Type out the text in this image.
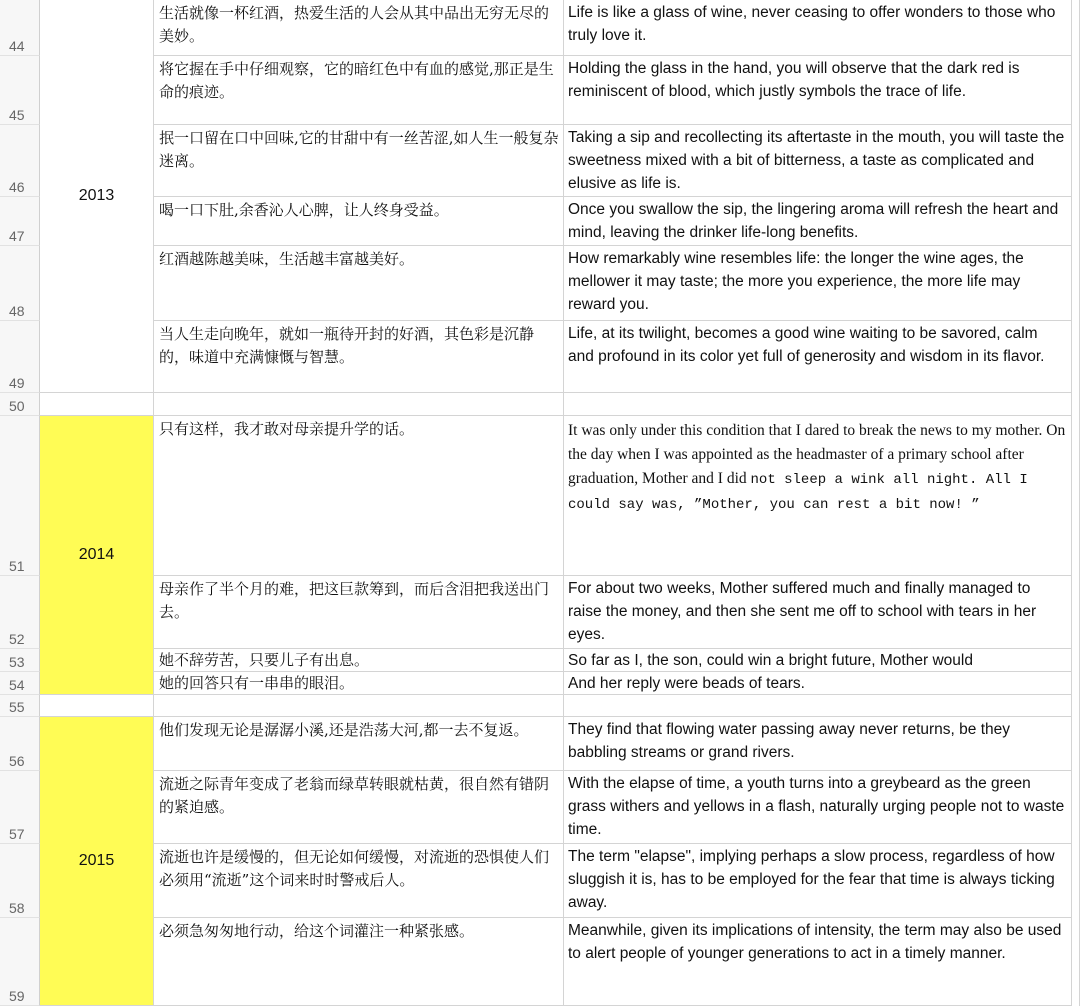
44
45
46
47
48
49
50
51
52
53
54
55
56
57
58
59
2013
2014
2015
生活就像一杯红酒，热爱生活的人会从其中品出无穷无尽的美妙。
将它握在手中仔细观察，它的暗红色中有血的感觉,那正是生命的痕迹。
抿一口留在口中回味,它的甘甜中有一丝苦涩,如人生一般复杂迷离。
喝一口下肚,余香沁人心脾，让人终身受益。
红酒越陈越美味，生活越丰富越美好。
当人生走向晚年，就如一瓶待开封的好酒，其色彩是沉静的，味道中充满慷慨与智慧。
只有这样，我才敢对母亲提升学的话。
母亲作了半个月的难，把这巨款筹到，而后含泪把我送出门去。
她不辞劳苦，只要儿子有出息。
她的回答只有一串串的眼泪。
他们发现无论是潺潺小溪,还是浩荡大河,都一去不复返。
流逝之际青年变成了老翁而绿草转眼就枯黄，很自然有错阴的紧迫感。
流逝也许是缓慢的，但无论如何缓慢，对流逝的恐惧使人们必须用“流逝”这个词来时时警戒后人。
必须急匆匆地行动，给这个词灌注一种紧张感。
Life is like a glass of wine, never ceasing to offer wonders to those who truly love it.
Holding the glass in the hand, you will observe that the dark red is reminiscent of blood, which justly symbols the trace of life.
Taking a sip and recollecting its aftertaste in the mouth, you will taste the sweetness mixed with a bit of bitterness, a taste as complicated and elusive as life is.
Once you swallow the sip, the lingering aroma will refresh the heart and mind, leaving the drinker life-long benefits.
How remarkably wine resembles life: the longer the wine ages, the mellower it may taste; the more you experience, the more life may reward you.
Life, at its twilight, becomes a good wine waiting to be savored, calm and profound in its color yet full of generosity and wisdom in its flavor.
It was only under this condition that I dared to break the news to my mother. On the day when I was appointed as the headmaster of a primary school after graduation, Mother and I did not sleep a wink all night. All I could say was, ”Mother, you can rest a bit now! ”
For about two weeks, Mother suffered much and finally managed to raise the money, and then she sent me off to school with tears in her eyes.
So far as I, the son, could win a bright future, Mother would
And her reply were beads of tears.
They find that flowing water passing away never returns, be they babbling streams or grand rivers.
With the elapse of time, a youth turns into a greybeard as the green grass withers and yellows in a flash, naturally urging people not to waste time.
The term "elapse", implying perhaps a slow process, regardless of how sluggish it is, has to be employed for the fear that time is always ticking away.
Meanwhile, given its implications of intensity, the term may also be used to alert people of younger generations to act in a timely manner.
